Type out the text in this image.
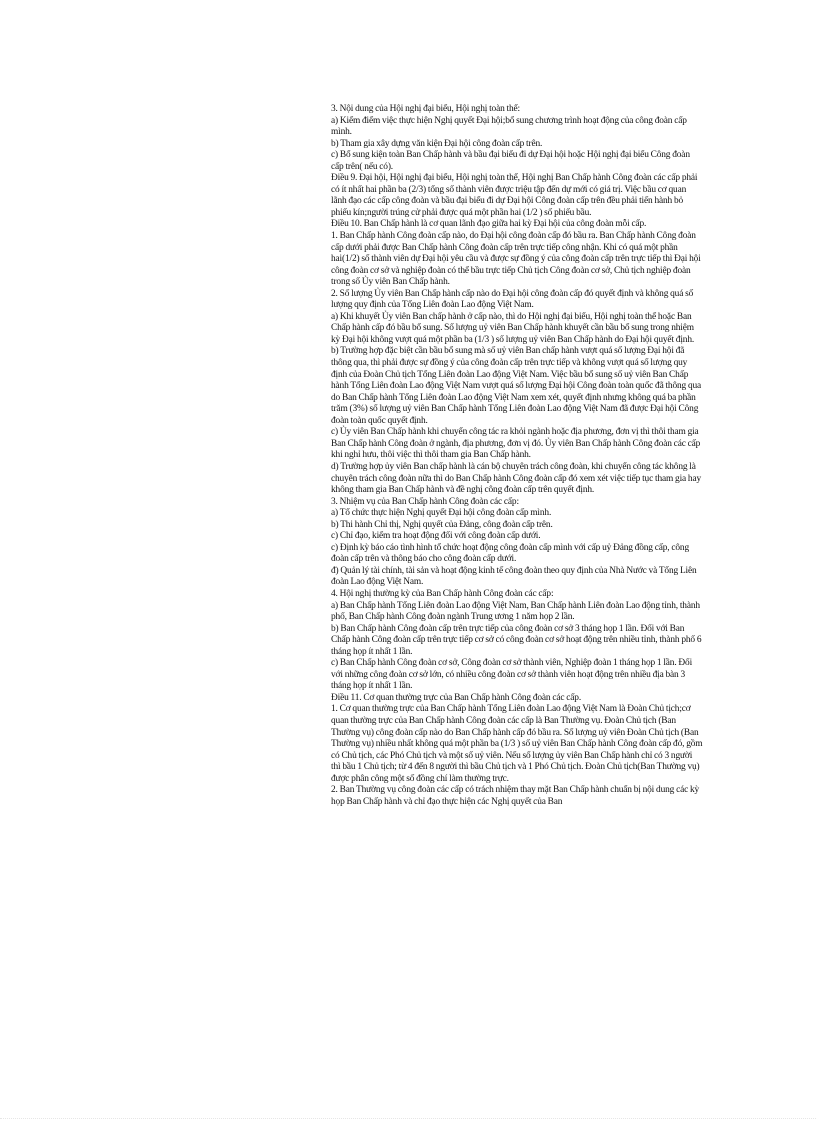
3. Nội dung của Hội nghị đại biểu, Hội nghị toàn thể:

a) Kiểm điểm việc thực hiện Nghị quyết Đại hội;bổ sung chương trình hoạt động của công đoàn cấp mình.

b) Tham gia xây dựng văn kiện Đại hội công đoàn cấp trên.

c) Bổ sung kiện toàn Ban Chấp hành và bầu đại biểu đi dự Đại hội hoặc Hội nghị đại biểu Công đoàn cấp trên( nếu có).

Điều 9. Đại hội, Hội nghị đại biểu, Hội nghị toàn thể, Hội nghị Ban Chấp hành Công đoàn các cấp phải có ít nhất hai phần ba (2/3) tổng số thành viên được triệu tập đến dự mới có giá trị. Việc bầu cơ quan lãnh đạo các cấp công đoàn và bầu đại biểu đi dự Đại hội Công đoàn cấp trên đều phải tiến hành bỏ phiếu kín;người trúng cử phải được quá một phần hai (1/2 ) số phiếu bầu.

Điều 10. Ban Chấp hành là cơ quan lãnh đạo giữa hai kỳ Đại hội của công đoàn mỗi cấp.

1. Ban Chấp hành Công đoàn cấp nào, do Đại hội công đoàn cấp đó bầu ra. Ban Chấp hành Công đoàn cấp dưới phải được Ban Chấp hành Công đoàn cấp trên trực tiếp công nhận. Khi có quá một phần hai(1/2) số thành viên dự Đại hội yêu cầu và được sự đồng ý của công đoàn cấp trên trực tiếp thì Đại hội công đoàn cơ sở và nghiệp đoàn có thể bầu trực tiếp Chủ tịch Công đoàn cơ sở, Chủ tịch nghiệp đoàn trong số Ủy viên Ban Chấp hành.

2. Số lượng Ủy viên Ban Chấp hành cấp nào do Đại hội công đoàn cấp đó quyết định và không quá số lượng quy định của Tổng Liên đoàn Lao động Việt Nam.

a) Khi khuyết Ủy viên Ban chấp hành ở cấp nào, thì do Hội nghị đại biểu, Hội nghị toàn thể hoặc Ban Chấp hành cấp đó bầu bổ sung. Số lượng uỷ viên Ban Chấp hành khuyết cần bầu bổ sung trong nhiệm kỳ Đại hội không vượt quá một phần ba (1/3 ) số lượng uỷ viên Ban Chấp hành do Đại hội quyết định.

b) Trường hợp đặc biệt cần bầu bổ sung mà số uỷ viên Ban chấp hành vượt quá số lượng Đại hội đã thông qua, thì phải được sự đồng ý của công đoàn cấp trên trực tiếp và không vượt quá số lượng quy định của Đoàn Chủ tịch Tổng Liên đoàn Lao động Việt Nam. Việc bầu bổ sung số uỷ viên Ban Chấp hành Tổng Liên đoàn Lao động Việt Nam vượt quá số lượng Đại hội Công đoàn toàn quốc đã thông qua do Ban Chấp hành Tổng Liên đoàn Lao động Việt Nam xem xét, quyết định nhưng không quá ba phần trăm (3%) số lượng uỷ viên Ban Chấp hành Tổng Liên đoàn Lao động Việt Nam đã được Đại hội Công đoàn toàn quốc quyết định.

c) Ủy viên Ban Chấp hành khi chuyển công tác ra khỏi ngành hoặc địa phương, đơn vị thì thôi tham gia Ban Chấp hành Công đoàn ở ngành, địa phương, đơn vị đó. Ủy viên Ban Chấp hành Công đoàn các cấp khi nghỉ hưu, thôi việc thì thôi tham gia Ban Chấp hành.

d) Trường hợp ủy viên Ban chấp hành là cán bộ chuyên trách công đoàn, khi chuyển công tác không là chuyên trách công đoàn nữa thì do Ban Chấp hành Công đoàn cấp đó xem xét việc tiếp tục tham gia hay không tham gia Ban Chấp hành và đề nghị công đoàn cấp trên quyết định.

3. Nhiệm vụ của Ban Chấp hành Công đoàn các cấp:

a) Tổ chức thực hiện Nghị quyết Đại hội công đoàn cấp mình.

b) Thi hành Chỉ thị, Nghị quyết của Đảng, công đoàn cấp trên.

c) Chỉ đạo, kiểm tra hoạt động đối với công đoàn cấp dưới.

c) Định kỳ báo cáo tình hình tổ chức hoạt động công đoàn cấp mình với cấp uỷ Đảng đồng cấp, công đoàn cấp trên và thông báo cho công đoàn cấp dưới.

đ) Quản lý tài chính, tài sản và hoạt động kinh tế công đoàn theo quy định của Nhà Nước và Tổng Liên đoàn Lao động Việt Nam.

4. Hội nghị thường kỳ của Ban Chấp hành Công đoàn các cấp:

a) Ban Chấp hành Tổng Liên đoàn Lao động Việt Nam, Ban Chấp hành Liên đoàn Lao động tỉnh, thành phố, Ban Chấp hành Công đoàn ngành Trung ương 1 năm họp 2 lần.

b) Ban Chấp hành Công đoàn cấp trên trực tiếp của công đoàn cơ sở 3 tháng họp 1 lần. Đối với Ban Chấp hành Công đoàn cấp trên trực tiếp cơ sở có công đoàn cơ sở hoạt động trên nhiều tỉnh, thành phố 6 tháng họp ít nhất 1 lần.

c) Ban Chấp hành Công đoàn cơ sở, Công đoàn cơ sở thành viên, Nghiệp đoàn 1 tháng họp 1 lần. Đối với những công đoàn cơ sở lớn, có nhiều công đoàn cơ sở thành viên hoạt động trên nhiều địa bàn 3 tháng họp ít nhất 1 lần.

Điều 11. Cơ quan thường trực của Ban Chấp hành Công đoàn các cấp.

1. Cơ quan thường trực của Ban Chấp hành Tổng Liên đoàn Lao động Việt Nam là Đoàn Chủ tịch;cơ quan thường trực của Ban Chấp hành Công đoàn các cấp là Ban Thường vụ. Đoàn Chủ tịch (Ban Thường vụ) công đoàn cấp nào do Ban Chấp hành cấp đó bầu ra. Số lượng uỷ viên Đoàn Chủ tịch (Ban Thường vụ) nhiều nhất không quá một phần ba (1/3 ) số uỷ viên Ban Chấp hành Công đoàn cấp đó, gồm có Chủ tịch, các Phó Chủ tịch và một số uỷ viên. Nếu số lượng ủy viên Ban Chấp hành chỉ có 3 người thì bầu 1 Chủ tịch; từ 4 đến 8 người thì bầu Chủ tịch và 1 Phó Chủ tịch. Đoàn Chủ tịch(Ban Thường vụ) được phân công một số đồng chí làm thường trực.

2. Ban Thường vụ công đoàn các cấp có trách nhiệm thay mặt Ban Chấp hành chuẩn bị nội dung các kỳ họp Ban Chấp hành và chỉ đạo thực hiện các Nghị quyết của Ban
